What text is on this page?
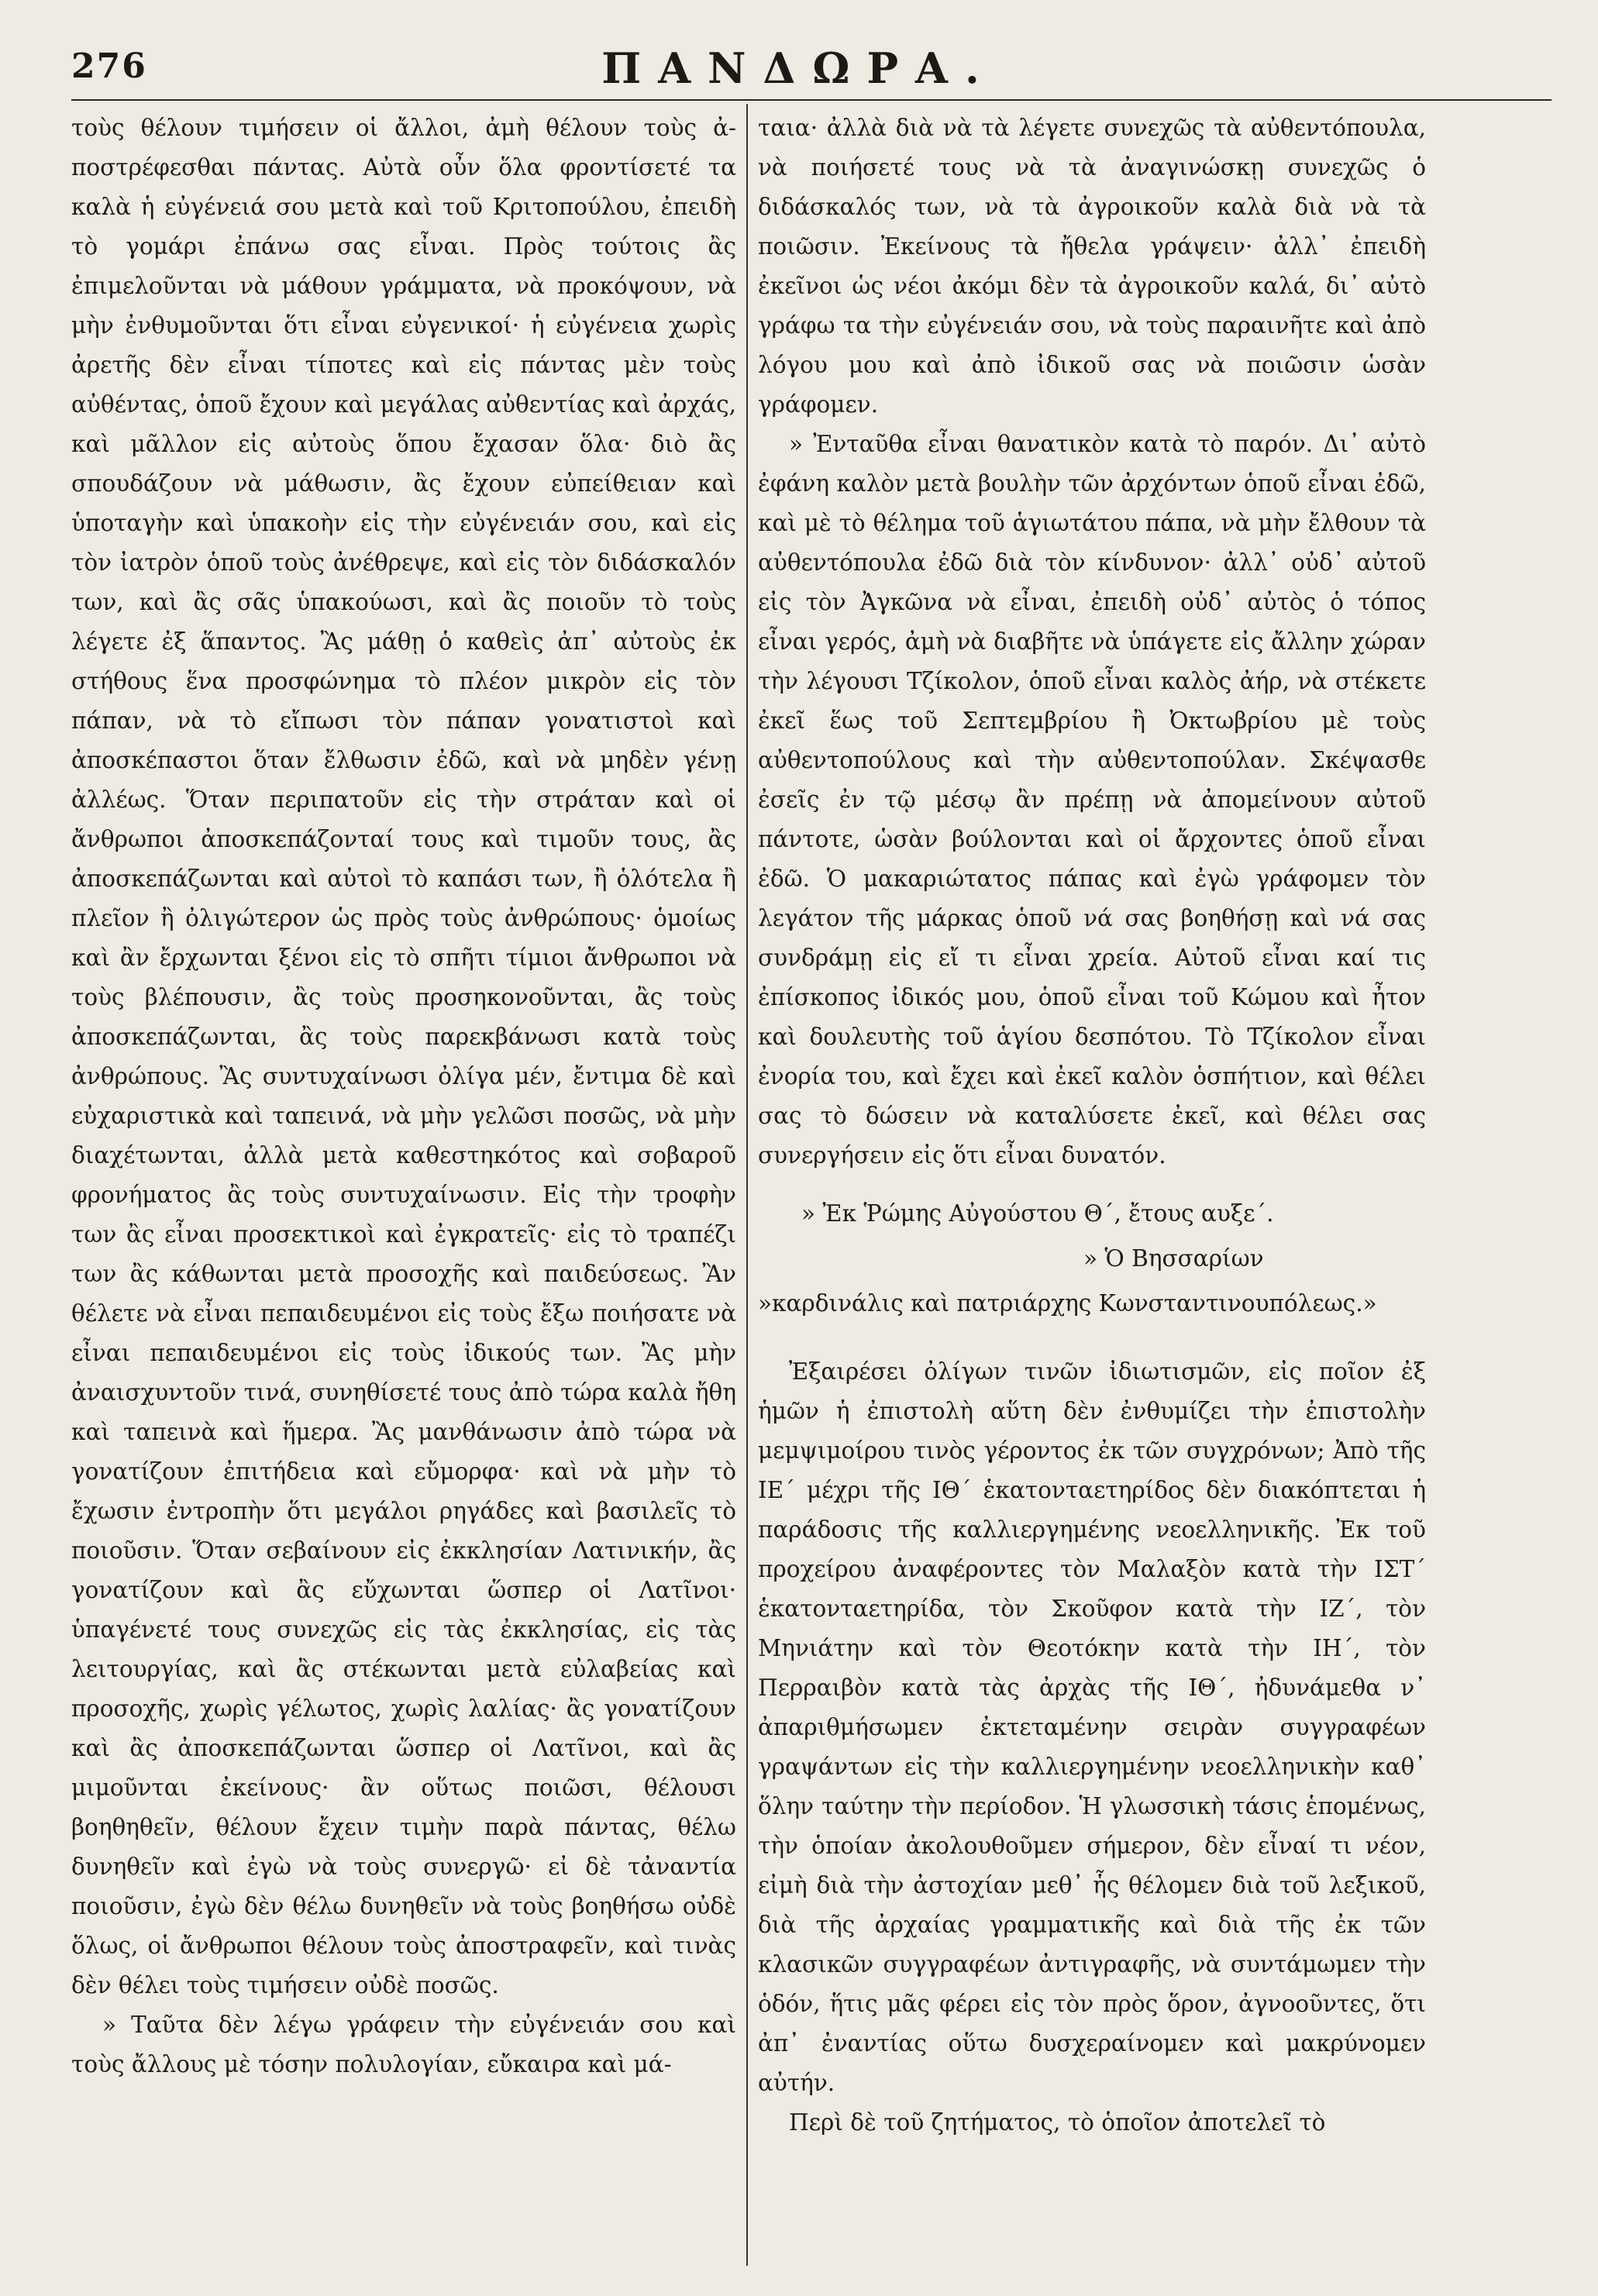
276	ΠΑΝΔΩΡΑ.

τοὺς θέλουν τιμήσειν οἱ ἄλλοι, ἀμὴ θέλουν τοὺς ἀ-ποστρέφεσθαι πάντας. Αὐτὰ οὖν ὅλα φροντίσετέ τα καλὰ ἡ εὐγένειά σου μετὰ καὶ τοῦ Κριτοπούλου, ἐπειδὴ τὸ γομάρι ἐπάνω σας εἶναι. Πρὸς τούτοις ἂς ἐπιμελοῦνται νὰ μάθουν γράμματα, νὰ προκόψουν, νὰ μὴν ἐνθυμοῦνται ὅτι εἶναι εὐγενικοί· ἡ εὐγένεια χωρὶς ἀρετῆς δὲν εἶναι τίποτες καὶ εἰς πάντας μὲν τοὺς αὐθέντας, ὁποῦ ἔχουν καὶ μεγάλας αὐθεντίας καὶ ἀρχάς, καὶ μᾶλλον εἰς αὐτοὺς ὅπου ἔχασαν ὅλα· διὸ ἂς σπουδάζουν νὰ μάθωσιν, ἂς ἔχουν εὐπείθειαν καὶ ὑποταγὴν καὶ ὑπακοὴν εἰς τὴν εὐγένειάν σου, καὶ εἰς τὸν ἰατρὸν ὁποῦ τοὺς ἀνέθρεψε, καὶ εἰς τὸν διδάσκαλόν των, καὶ ἂς σᾶς ὑπακούωσι, καὶ ἂς ποιοῦν τὸ τοὺς λέγετε ἐξ ἅπαντος. Ἂς μάθῃ ὁ καθεὶς ἀπ᾽ αὐτοὺς ἐκ στήθους ἕνα προσφώνημα τὸ πλέον μικρὸν εἰς τὸν πάπαν, νὰ τὸ εἴπωσι τὸν πάπαν γονατιστοὶ καὶ ἀποσκέπαστοι ὅταν ἔλθωσιν ἐδῶ, καὶ νὰ μηδὲν γένῃ ἀλλέως. Ὅταν περιπατοῦν εἰς τὴν στράταν καὶ οἱ ἄνθρωποι ἀποσκεπάζονταί τους καὶ τιμοῦν τους, ἂς ἀποσκεπάζωνται καὶ αὐτοὶ τὸ καπάσι των, ἢ ὁλότελα ἢ πλεῖον ἢ ὀλιγώτερον ὡς πρὸς τοὺς ἀνθρώπους· ὁμοίως καὶ ἂν ἔρχωνται ξένοι εἰς τὸ σπῆτι τίμιοι ἄνθρωποι νὰ τοὺς βλέπουσιν, ἂς τοὺς προσηκονοῦνται, ἂς τοὺς ἀποσκεπάζωνται, ἂς τοὺς παρεκβάνωσι κατὰ τοὺς ἀνθρώπους. Ἂς συντυχαίνωσι ὀλίγα μέν, ἔντιμα δὲ καὶ εὐχαριστικὰ καὶ ταπεινά, νὰ μὴν γελῶσι ποσῶς, νὰ μὴν διαχέτωνται, ἀλλὰ μετὰ καθεστηκότος καὶ σοβαροῦ φρονήματος ἂς τοὺς συντυχαίνωσιν. Εἰς τὴν τροφὴν των ἂς εἶναι προσεκτικοὶ καὶ ἐγκρατεῖς· εἰς τὸ τραπέζι των ἂς κάθωνται μετὰ προσοχῆς καὶ παιδεύσεως. Ἂν θέλετε νὰ εἶναι πεπαιδευμένοι εἰς τοὺς ἔξω ποιήσατε νὰ εἶναι πεπαιδευμένοι εἰς τοὺς ἰδικούς των. Ἂς μὴν ἀναισχυντοῦν τινά, συνηθίσετέ τους ἀπὸ τώρα καλὰ ἤθη καὶ ταπεινὰ καὶ ἥμερα. Ἂς μανθάνωσιν ἀπὸ τώρα νὰ γονατίζουν ἐπιτήδεια καὶ εὔμορφα· καὶ νὰ μὴν τὸ ἔχωσιν ἐντροπὴν ὅτι μεγάλοι ρηγάδες καὶ βασιλεῖς τὸ ποιοῦσιν. Ὅταν σεβαίνουν εἰς ἐκκλησίαν Λατινικήν, ἂς γονατίζουν καὶ ἂς εὔχωνται ὥσπερ οἱ Λατῖνοι· ὑπαγένετέ τους συνεχῶς εἰς τὰς ἐκκλησίας, εἰς τὰς λειτουργίας, καὶ ἂς στέκωνται μετὰ εὐλαβείας καὶ προσοχῆς, χωρὶς γέλωτος, χωρὶς λαλίας· ἂς γονατίζουν καὶ ἂς ἀποσκεπάζωνται ὥσπερ οἱ Λατῖνοι, καὶ ἂς μιμοῦνται ἐκείνους· ἂν οὕτως ποιῶσι, θέλουσι βοηθηθεῖν, θέλουν ἔχειν τιμὴν παρὰ πάντας, θέλω δυνηθεῖν καὶ ἐγὼ νὰ τοὺς συνεργῶ· εἰ δὲ τἀναντία ποιοῦσιν, ἐγὼ δὲν θέλω δυνηθεῖν νὰ τοὺς βοηθήσω οὐδὲ ὅλως, οἱ ἄνθρωποι θέλουν τοὺς ἀποστραφεῖν, καὶ τινὰς δὲν θέλει τοὺς τιμήσειν οὐδὲ ποσῶς.

» Ταῦτα δὲν λέγω γράφειν τὴν εὐγένειάν σου καὶ τοὺς ἄλλους μὲ τόσην πολυλογίαν, εὔκαιρα καὶ μά-

ταια· ἀλλὰ διὰ νὰ τὰ λέγετε συνεχῶς τὰ αὐθεντόπουλα, νὰ ποιήσετέ τους νὰ τὰ ἀναγινώσκῃ συνεχῶς ὁ διδάσκαλός των, νὰ τὰ ἀγροικοῦν καλὰ διὰ νὰ τὰ ποιῶσιν. Ἐκείνους τὰ ἤθελα γράψειν· ἀλλ᾽ ἐπειδὴ ἐκεῖνοι ὡς νέοι ἀκόμι δὲν τὰ ἀγροικοῦν καλά, δι᾽ αὐτὸ γράφω τα τὴν εὐγένειάν σου, νὰ τοὺς παραινῆτε καὶ ἀπὸ λόγου μου καὶ ἀπὸ ἰδικοῦ σας νὰ ποιῶσιν ὡσὰν γράφομεν.

» Ἐνταῦθα εἶναι θανατικὸν κατὰ τὸ παρόν. Δι᾽ αὐτὸ ἐφάνη καλὸν μετὰ βουλὴν τῶν ἀρχόντων ὁποῦ εἶναι ἐδῶ, καὶ μὲ τὸ θέλημα τοῦ ἁγιωτάτου πάπα, νὰ μὴν ἔλθουν τὰ αὐθεντόπουλα ἐδῶ διὰ τὸν κίνδυνον· ἀλλ᾽ οὐδ᾽ αὐτοῦ εἰς τὸν Ἀγκῶνα νὰ εἶναι, ἐπειδὴ οὐδ᾽ αὐτὸς ὁ τόπος εἶναι γερός, ἀμὴ νὰ διαβῆτε νὰ ὑπάγετε εἰς ἄλλην χώραν τὴν λέγουσι Τζίκολον, ὁποῦ εἶναι καλὸς ἀήρ, νὰ στέκετε ἐκεῖ ἕως τοῦ Σεπτεμβρίου ἢ Ὀκτωβρίου μὲ τοὺς αὐθεντοπούλους καὶ τὴν αὐθεντοπούλαν. Σκέψασθε ἐσεῖς ἐν τῷ μέσῳ ἂν πρέπῃ νὰ ἀπομείνουν αὐτοῦ πάντοτε, ὡσὰν βούλονται καὶ οἱ ἄρχοντες ὁποῦ εἶναι ἐδῶ. Ὁ μακαριώτατος πάπας καὶ ἐγὼ γράφομεν τὸν λεγάτον τῆς μάρκας ὁποῦ νά σας βοηθήσῃ καὶ νά σας συνδράμῃ εἰς εἴ τι εἶναι χρεία. Αὐτοῦ εἶναι καί τις ἐπίσκοπος ἰδικός μου, ὁποῦ εἶναι τοῦ Κώμου καὶ ἦτον καὶ δουλευτὴς τοῦ ἁγίου δεσπότου. Τὸ Τζίκολον εἶναι ἐνορία του, καὶ ἔχει καὶ ἐκεῖ καλὸν ὁσπήτιον, καὶ θέλει σας τὸ δώσειν νὰ καταλύσετε ἐκεῖ, καὶ θέλει σας συνεργήσειν εἰς ὅτι εἶναι δυνατόν.

» Ἐκ Ῥώμης Αὐγούστου Θ΄, ἔτους αυξε΄.

» Ὁ Βησσαρίων

»καρδινάλις καὶ πατριάρχης Κωνσταντινουπόλεως.»

Ἐξαιρέσει ὀλίγων τινῶν ἰδιωτισμῶν, εἰς ποῖον ἐξ ἡμῶν ἡ ἐπιστολὴ αὕτη δὲν ἐνθυμίζει τὴν ἐπιστολὴν μεμψιμοίρου τινὸς γέροντος ἐκ τῶν συγχρόνων; Ἀπὸ τῆς ΙΕ΄ μέχρι τῆς ΙΘ΄ ἑκατονταετηρίδος δὲν διακόπτεται ἡ παράδοσις τῆς καλλιεργημένης νεοελληνικῆς. Ἐκ τοῦ προχείρου ἀναφέροντες τὸν Μαλαξὸν κατὰ τὴν ΙΣΤ΄ ἑκατονταετηρίδα, τὸν Σκοῦφον κατὰ τὴν ΙΖ΄, τὸν Μηνιάτην καὶ τὸν Θεοτόκην κατὰ τὴν ΙΗ΄, τὸν Περραιβὸν κατὰ τὰς ἀρχὰς τῆς ΙΘ΄, ἠδυνάμεθα ν᾽ ἀπαριθμήσωμεν ἐκτεταμένην σειρὰν συγγραφέων γραψάντων εἰς τὴν καλλιεργημένην νεοελληνικὴν καθ᾽ ὅλην ταύτην τὴν περίοδον. Ἡ γλωσσικὴ τάσις ἑπομένως, τὴν ὁποίαν ἀκολουθοῦμεν σήμερον, δὲν εἶναί τι νέον, εἰμὴ διὰ τὴν ἀστοχίαν μεθ᾽ ἧς θέλομεν διὰ τοῦ λεξικοῦ, διὰ τῆς ἀρχαίας γραμματικῆς καὶ διὰ τῆς ἐκ τῶν κλασικῶν συγγραφέων ἀντιγραφῆς, νὰ συντάμωμεν τὴν ὁδόν, ἥτις μᾶς φέρει εἰς τὸν πρὸς ὅρον, ἀγνοοῦντες, ὅτι ἀπ᾽ ἐναντίας οὕτω δυσχεραίνομεν καὶ μακρύνομεν αὐτήν.

Περὶ δὲ τοῦ ζητήματος, τὸ ὁποῖον ἀποτελεῖ τὸ
